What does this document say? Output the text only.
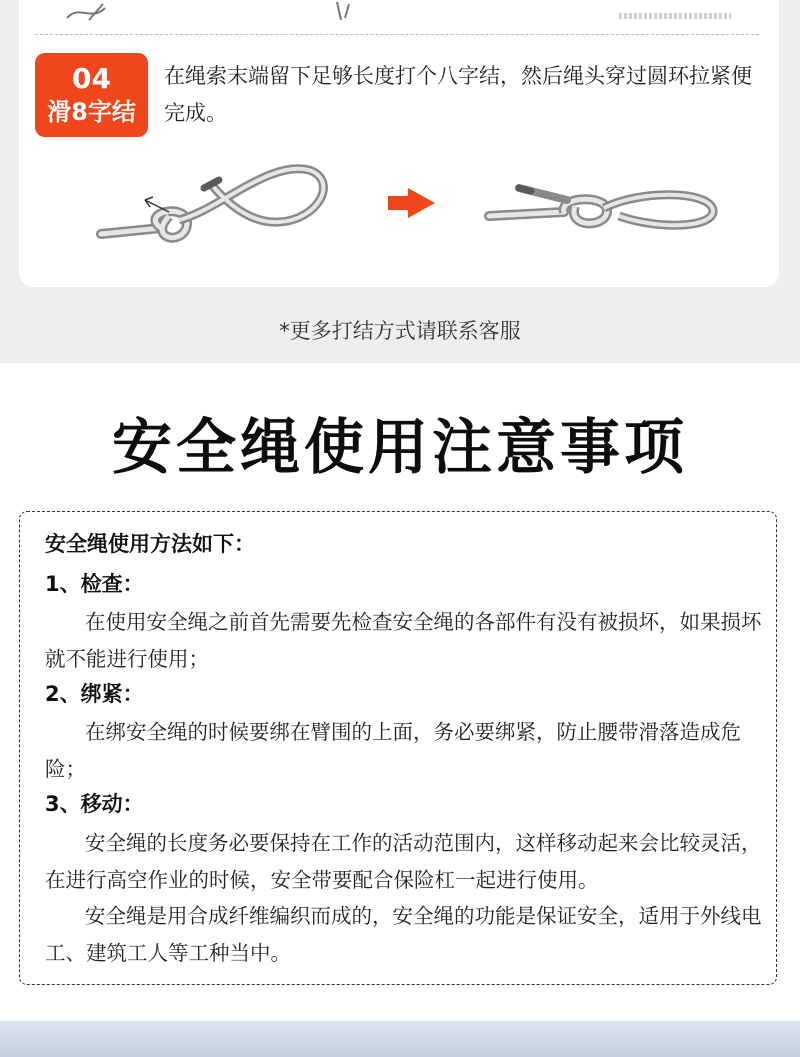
04
滑8字结
在绳索末端留下足够长度打个八字结，然后绳头穿过圆环拉紧便完成。
*更多打结方式请联系客服
安全绳使用注意事项
安全绳使用方法如下：
1、检查：
在使用安全绳之前首先需要先检查安全绳的各部件有没有被损坏，如果损坏就不能进行使用；
2、绑紧：
在绑安全绳的时候要绑在臂围的上面，务必要绑紧，防止腰带滑落造成危险；
3、移动：
安全绳的长度务必要保持在工作的活动范围内，这样移动起来会比较灵活，在进行高空作业的时候，安全带要配合保险杠一起进行使用。
安全绳是用合成纤维编织而成的，安全绳的功能是保证安全，适用于外线电工、建筑工人等工种当中。
